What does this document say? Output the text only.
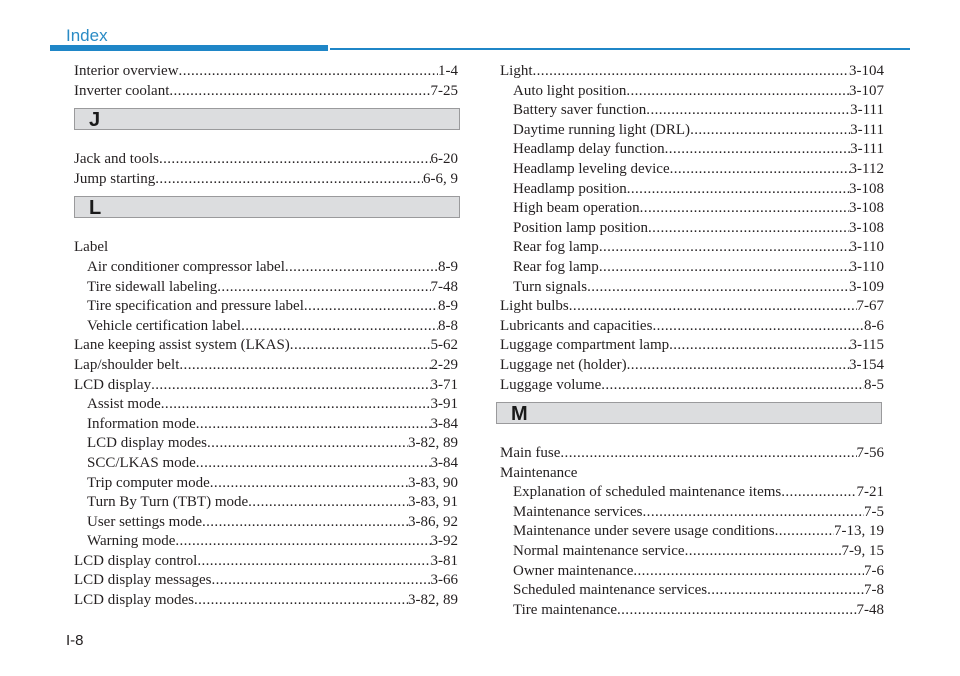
Index
Interior overview .....	1-4
Inverter coolant .....	7-25
J
Jack and tools .....	6-20
Jump starting .....	6-6, 9
L
Label
Air conditioner compressor label .....	8-9
Tire sidewall labeling .....	7-48
Tire specification and pressure label .....	8-9
Vehicle certification label .....	8-8
Lane keeping assist system (LKAS) .....	5-62
Lap/shoulder belt .....	2-29
LCD display .....	3-71
Assist mode .....	3-91
Information mode .....	3-84
LCD display modes .....	3-82, 89
SCC/LKAS mode .....	3-84
Trip computer mode .....	3-83, 90
Turn By Turn (TBT) mode .....	3-83, 91
User settings mode .....	3-86, 92
Warning mode .....	3-92
LCD display control .....	3-81
LCD display messages .....	3-66
LCD display modes .....	3-82, 89
Light .....	3-104
Auto light position .....	3-107
Battery saver function .....	3-111
Daytime running light (DRL) .....	3-111
Headlamp delay function .....	3-111
Headlamp leveling device .....	3-112
Headlamp position .....	3-108
High beam operation .....	3-108
Position lamp position .....	3-108
Rear fog lamp .....	3-110
Rear fog lamp .....	3-110
Turn signals .....	3-109
Light bulbs .....	7-67
Lubricants and capacities .....	8-6
Luggage compartment lamp .....	3-115
Luggage net (holder) .....	3-154
Luggage volume .....	8-5
M
Main fuse .....	7-56
Maintenance
Explanation of scheduled maintenance items .....	7-21
Maintenance services .....	7-5
Maintenance under severe usage conditions .....	7-13, 19
Normal maintenance service .....	7-9, 15
Owner maintenance .....	7-6
Scheduled maintenance services .....	7-8
Tire maintenance .....	7-48
I-8
